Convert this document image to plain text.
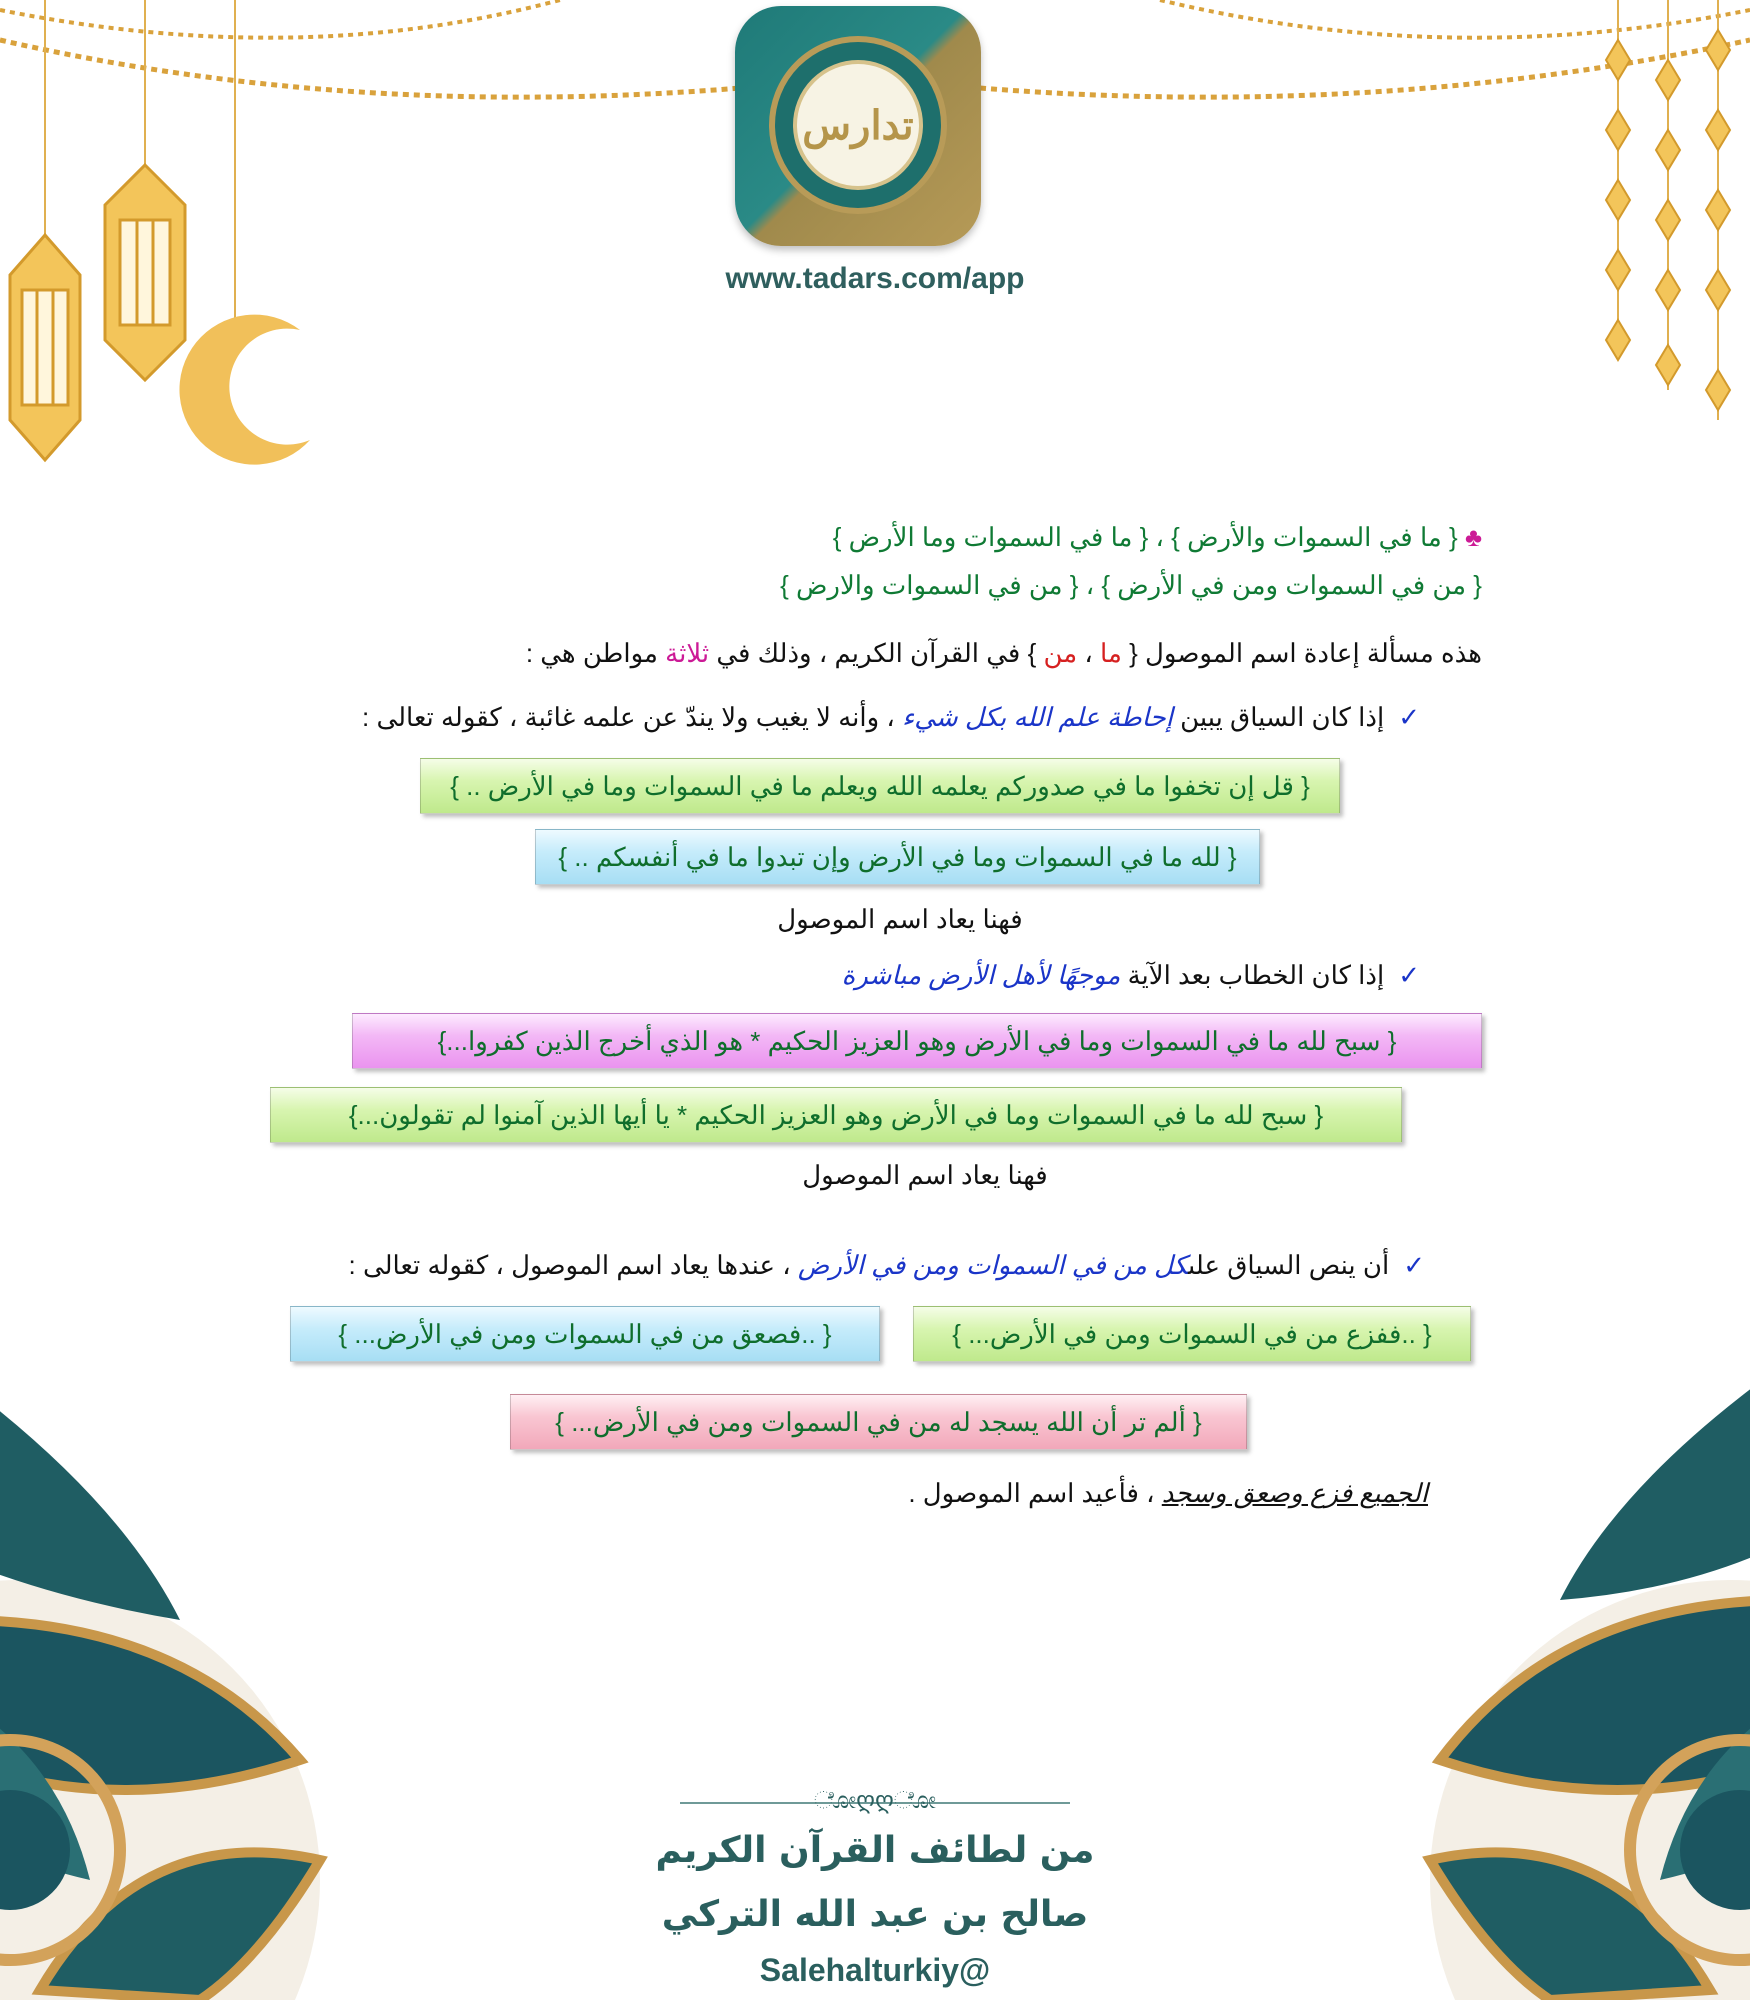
تدارس
www.tadars.com/app
♣ { ما في السموات والأرض } ، { ما في السموات وما الأرض }
{ من في السموات ومن في الأرض } ، { من في السموات والارض }
هذه مسألة إعادة اسم الموصول { ما ، من } في القرآن الكريم ، وذلك في ثلاثة مواطن هي :
✓إذا كان السياق يبين إحاطة علم الله بكل شيء ، وأنه لا يغيب ولا يندّ عن علمه غائبة ، كقوله تعالى :
{ قل إن تخفوا ما في صدوركم يعلمه الله ويعلم ما في السموات وما في الأرض .. }
{ لله ما في السموات وما في الأرض وإن تبدوا ما في أنفسكم .. }
فهنا يعاد اسم الموصول
✓إذا كان الخطاب بعد الآية موجهًا لأهل الأرض مباشرة
{ سبح لله ما في السموات وما في الأرض وهو العزيز الحكيم * هو الذي أخرج الذين كفروا...}
{ سبح لله ما في السموات وما في الأرض وهو العزيز الحكيم * يا أيها الذين آمنوا لم تقولون...}
فهنا يعاد اسم الموصول
✓أن ينص السياق علىكل من في السموات ومن في الأرض ، عندها يعاد اسم الموصول ، كقوله تعالى :
{ ..ففزع من في السموات ومن في الأرض... }
{ ..فصعق من في السموات ومن في الأرض... }
{ ألم تر أن الله يسجد له من في السموات ومن في الأرض... }
الجميع فزع وصعق وسجد ، فأعيد اسم الموصول .
ೋღღೋ
من لطائف القرآن الكريم
صالح بن عبد الله التركي
@Salehalturkiy
